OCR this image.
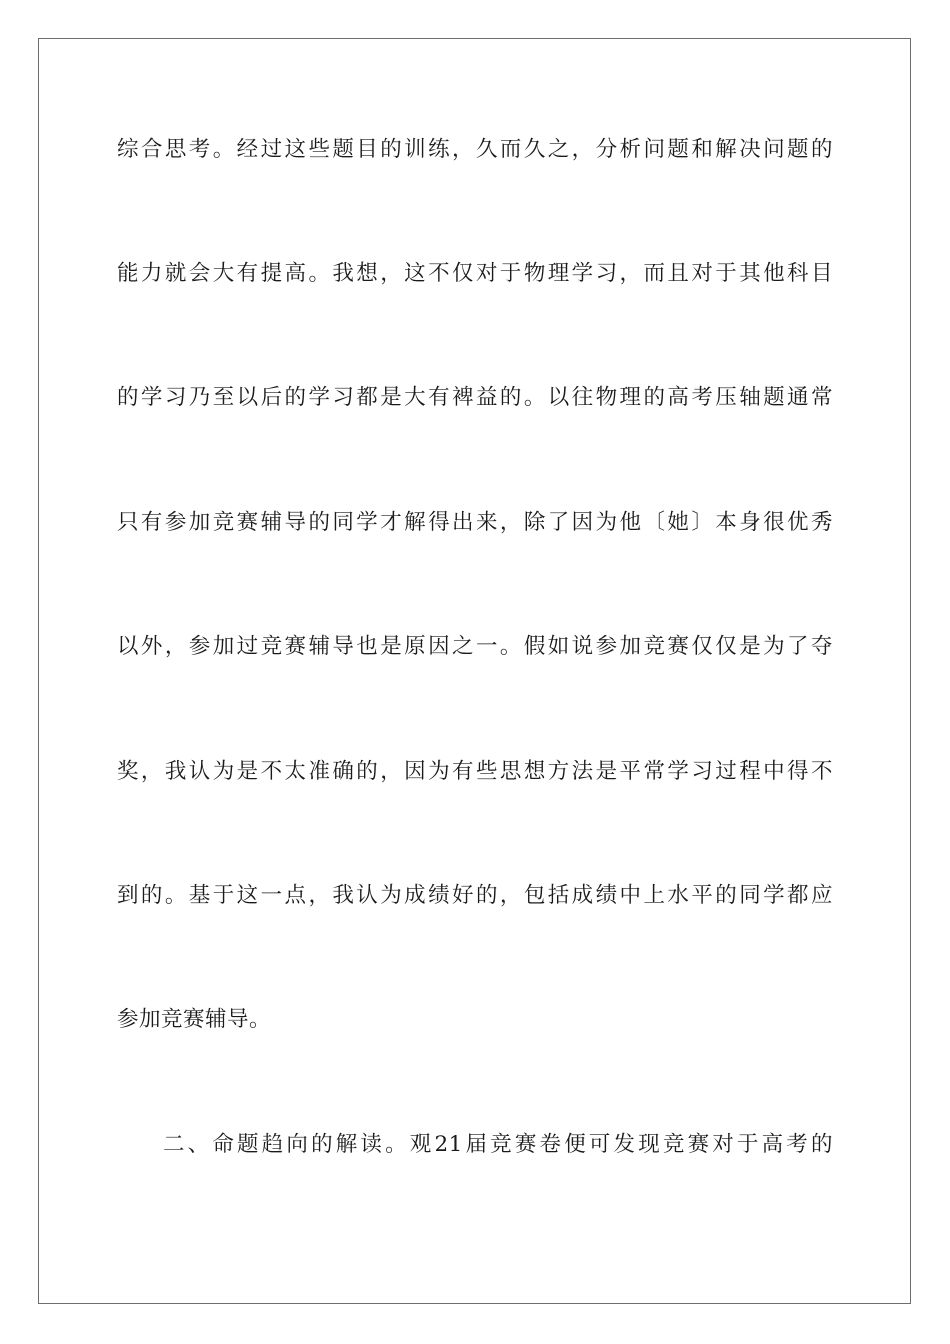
综合思考。经过这些题目的训练，久而久之，分析问题和解决问题的
能力就会大有提高。我想，这不仅对于物理学习，而且对于其他科目
的学习乃至以后的学习都是大有裨益的。以往物理的高考压轴题通常
只有参加竞赛辅导的同学才解得出来，除了因为他〔她〕本身很优秀
以外，参加过竞赛辅导也是原因之一。假如说参加竞赛仅仅是为了夺
奖，我认为是不太准确的，因为有些思想方法是平常学习过程中得不
到的。基于这一点，我认为成绩好的，包括成绩中上水平的同学都应
参加竞赛辅导。
二、命题趋向的解读。观21届竞赛卷便可发现竞赛对于高考的
